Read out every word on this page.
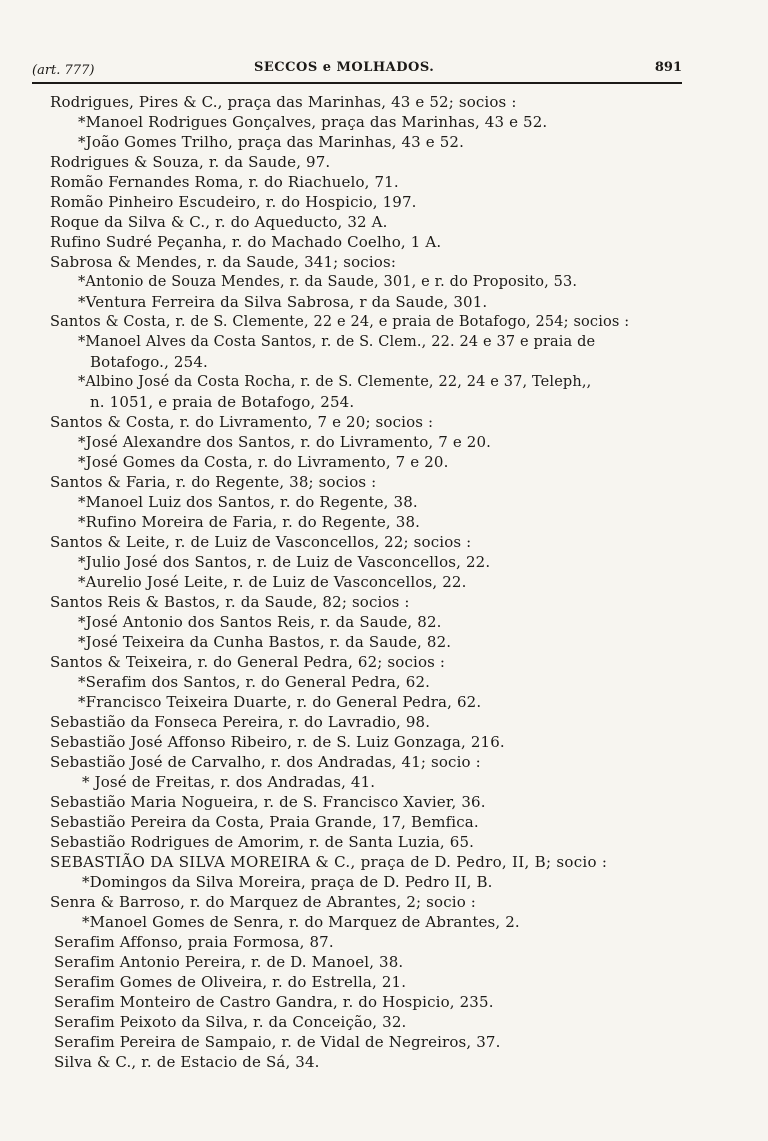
(art. 777)	SECCOS e MOLHADOS.	891
Rodrigues, Pires & C., praça das Marinhas, 43 e 52; socios :
*Manoel Rodrigues Gonçalves, praça das Marinhas, 43 e 52.
*João Gomes Trilho, praça das Marinhas, 43 e 52.
Rodrigues & Souza, r. da Saude, 97.
Romão Fernandes Roma, r. do Riachuelo, 71.
Romão Pinheiro Escudeiro, r. do Hospicio, 197.
Roque da Silva & C., r. do Aqueducto, 32 A.
Rufino Sudré Peçanha, r. do Machado Coelho, 1 A.
Sabrosa & Mendes, r. da Saude, 341; socios:
*Antonio de Souza Mendes, r. da Saude, 301, e r. do Proposito, 53.
*Ventura Ferreira da Silva Sabrosa, r da Saude, 301.
Santos & Costa, r. de S. Clemente, 22 e 24, e praia de Botafogo, 254; socios :
*Manoel Alves da Costa Santos, r. de S. Clem., 22. 24 e 37 e praia de
Botafogo., 254.
*Albino José da Costa Rocha, r. de S. Clemente, 22, 24 e 37, Teleph,,
n. 1051, e praia de Botafogo, 254.
Santos & Costa, r. do Livramento, 7 e 20; socios :
*José Alexandre dos Santos, r. do Livramento, 7 e 20.
*José Gomes da Costa, r. do Livramento, 7 e 20.
Santos & Faria, r. do Regente, 38; socios :
*Manoel Luiz dos Santos, r. do Regente, 38.
*Rufino Moreira de Faria, r. do Regente, 38.
Santos & Leite, r. de Luiz de Vasconcellos, 22; socios :
*Julio José dos Santos, r. de Luiz de Vasconcellos, 22.
*Aurelio José Leite, r. de Luiz de Vasconcellos, 22.
Santos Reis & Bastos, r. da Saude, 82; socios :
*José Antonio dos Santos Reis, r. da Saude, 82.
*José Teixeira da Cunha Bastos, r. da Saude, 82.
Santos & Teixeira, r. do General Pedra, 62; socios :
*Serafim dos Santos, r. do General Pedra, 62.
*Francisco Teixeira Duarte, r. do General Pedra, 62.
Sebastião da Fonseca Pereira, r. do Lavradio, 98.
Sebastião José Affonso Ribeiro, r. de S. Luiz Gonzaga, 216.
Sebastião José de Carvalho, r. dos Andradas, 41; socio :
* José de Freitas, r. dos Andradas, 41.
Sebastião Maria Nogueira, r. de S. Francisco Xavier, 36.
Sebastião Pereira da Costa, Praia Grande, 17, Bemfica.
Sebastião Rodrigues de Amorim, r. de Santa Luzia, 65.
SEBASTIÃO DA SILVA MOREIRA & C., praça de D. Pedro, II, B; socio :
*Domingos da Silva Moreira, praça de D. Pedro II, B.
Senra & Barroso, r. do Marquez de Abrantes, 2; socio :
*Manoel Gomes de Senra, r. do Marquez de Abrantes, 2.
Serafim Affonso, praia Formosa, 87.
Serafim Antonio Pereira, r. de D. Manoel, 38.
Serafim Gomes de Oliveira, r. do Estrella, 21.
Serafim Monteiro de Castro Gandra, r. do Hospicio, 235.
Serafim Peixoto da Silva, r. da Conceição, 32.
Serafim Pereira de Sampaio, r. de Vidal de Negreiros, 37.
Silva & C., r. de Estacio de Sá, 34.
